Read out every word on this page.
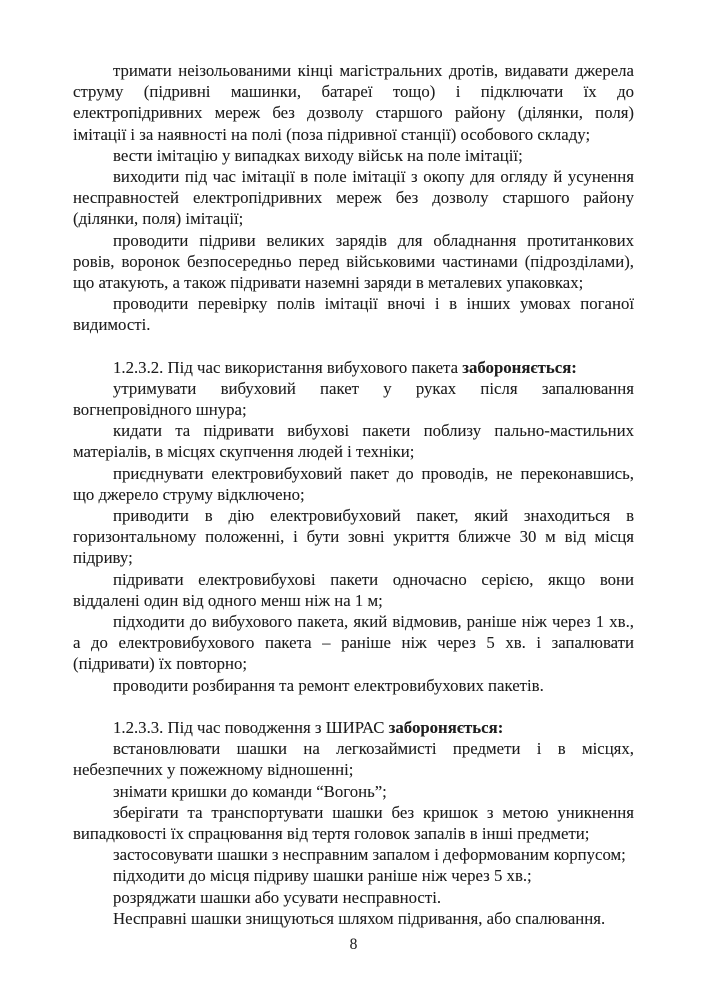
тримати неізольованими кінці магістральних дротів, видавати джерела струму (підривні машинки, батареї тощо) і підключати їх до електропідривних мереж без дозволу старшого району (ділянки, поля) імітації і за наявності на полі (поза підривної станції) особового складу;

вести імітацію у випадках виходу військ на поле імітації;

виходити під час імітації в поле імітації з окопу для огляду й усунення несправностей електропідривних мереж без дозволу старшого району (ділянки, поля) імітації;

проводити підриви великих зарядів для обладнання протитанкових ровів, воронок безпосередньо перед військовими частинами (підрозділами), що атакують, а також підривати наземні заряди в металевих упаковках;

проводити перевірку полів імітації вночі і в інших умовах поганої видимості.

1.2.3.2. Під час використання вибухового пакета забороняється:

утримувати вибуховий пакет у руках після запалювання вогнепровідного шнура;

кидати та підривати вибухові пакети поблизу пально-мастильних матеріалів, в місцях скупчення людей і техніки;

приєднувати електровибуховий пакет до проводів, не переконавшись, що джерело струму відключено;

приводити в дію електровибуховий пакет, який знаходиться в горизонтальному положенні, і бути зовні укриття ближче 30 м від місця підриву;

підривати електровибухові пакети одночасно серією, якщо вони віддалені один від одного менш ніж на 1 м;

підходити до вибухового пакета, який відмовив, раніше ніж через 1 хв., а до електровибухового пакета – раніше ніж через 5 хв. і запалювати (підривати) їх повторно;

проводити розбирання та ремонт електровибухових пакетів.

1.2.3.3. Під час поводження з ШИРАС забороняється:

встановлювати шашки на легкозаймисті предмети і в місцях, небезпечних у пожежному відношенні;

знімати кришки до команди “Вогонь”;

зберігати та транспортувати шашки без кришок з метою уникнення випадковості їх спрацювання від тертя головок запалів в інші предмети;

застосовувати шашки з несправним запалом і деформованим корпусом;

підходити до місця підриву шашки раніше ніж через 5 хв.;

розряджати шашки або усувати несправності.

Несправні шашки знищуються шляхом підривання, або спалювання.

8
